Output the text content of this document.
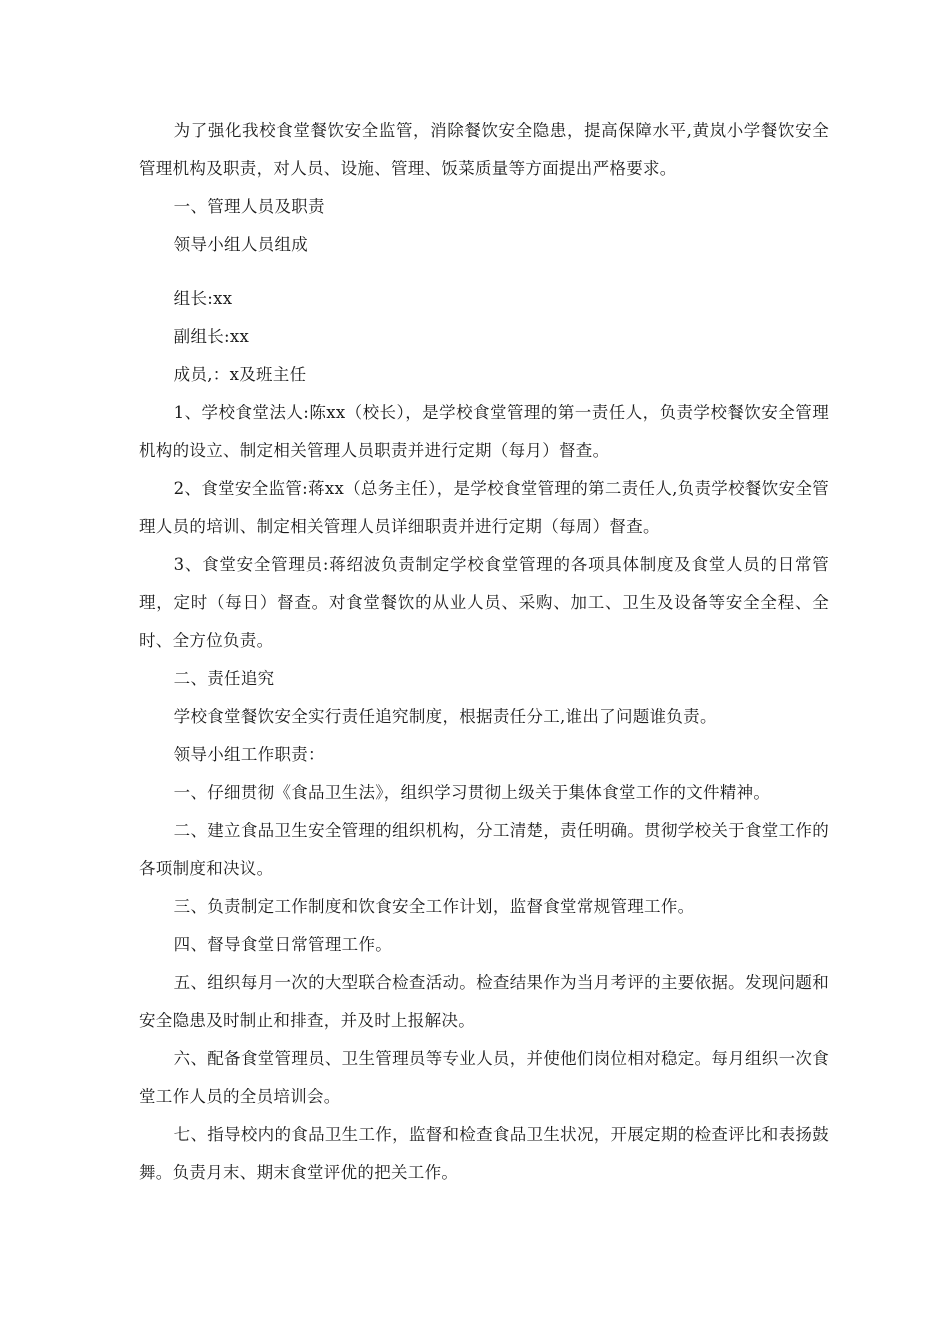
为了强化我校食堂餐饮安全监管，消除餐饮安全隐患，提高保障水平,黄岚小学餐饮安全管理机构及职责，对人员、设施、管理、饭菜质量等方面提出严格要求。

一、管理人员及职责

领导小组人员组成

组长:xx

副组长:xx

成员,：x及班主任

1、学校食堂法人:陈xx（校长），是学校食堂管理的第一责任人，负责学校餐饮安全管理机构的设立、制定相关管理人员职责并进行定期（每月）督查。

2、食堂安全监管:蒋xx（总务主任），是学校食堂管理的第二责任人,负责学校餐饮安全管理人员的培训、制定相关管理人员详细职责并进行定期（每周）督查。

3、食堂安全管理员:蒋绍波负责制定学校食堂管理的各项具体制度及食堂人员的日常管理，定时（每日）督查。对食堂餐饮的从业人员、采购、加工、卫生及设备等安全全程、全时、全方位负责。

二、责任追究

学校食堂餐饮安全实行责任追究制度，根据责任分工,谁出了问题谁负责。

领导小组工作职责：

一、仔细贯彻《食品卫生法》，组织学习贯彻上级关于集体食堂工作的文件精神。

二、建立食品卫生安全管理的组织机构，分工清楚，责任明确。贯彻学校关于食堂工作的各项制度和决议。

三、负责制定工作制度和饮食安全工作计划，监督食堂常规管理工作。

四、督导食堂日常管理工作。

五、组织每月一次的大型联合检查活动。检查结果作为当月考评的主要依据。发现问题和安全隐患及时制止和排查，并及时上报解决。

六、配备食堂管理员、卫生管理员等专业人员，并使他们岗位相对稳定。每月组织一次食堂工作人员的全员培训会。

七、指导校内的食品卫生工作，监督和检查食品卫生状况，开展定期的检查评比和表扬鼓舞。负责月末、期末食堂评优的把关工作。
